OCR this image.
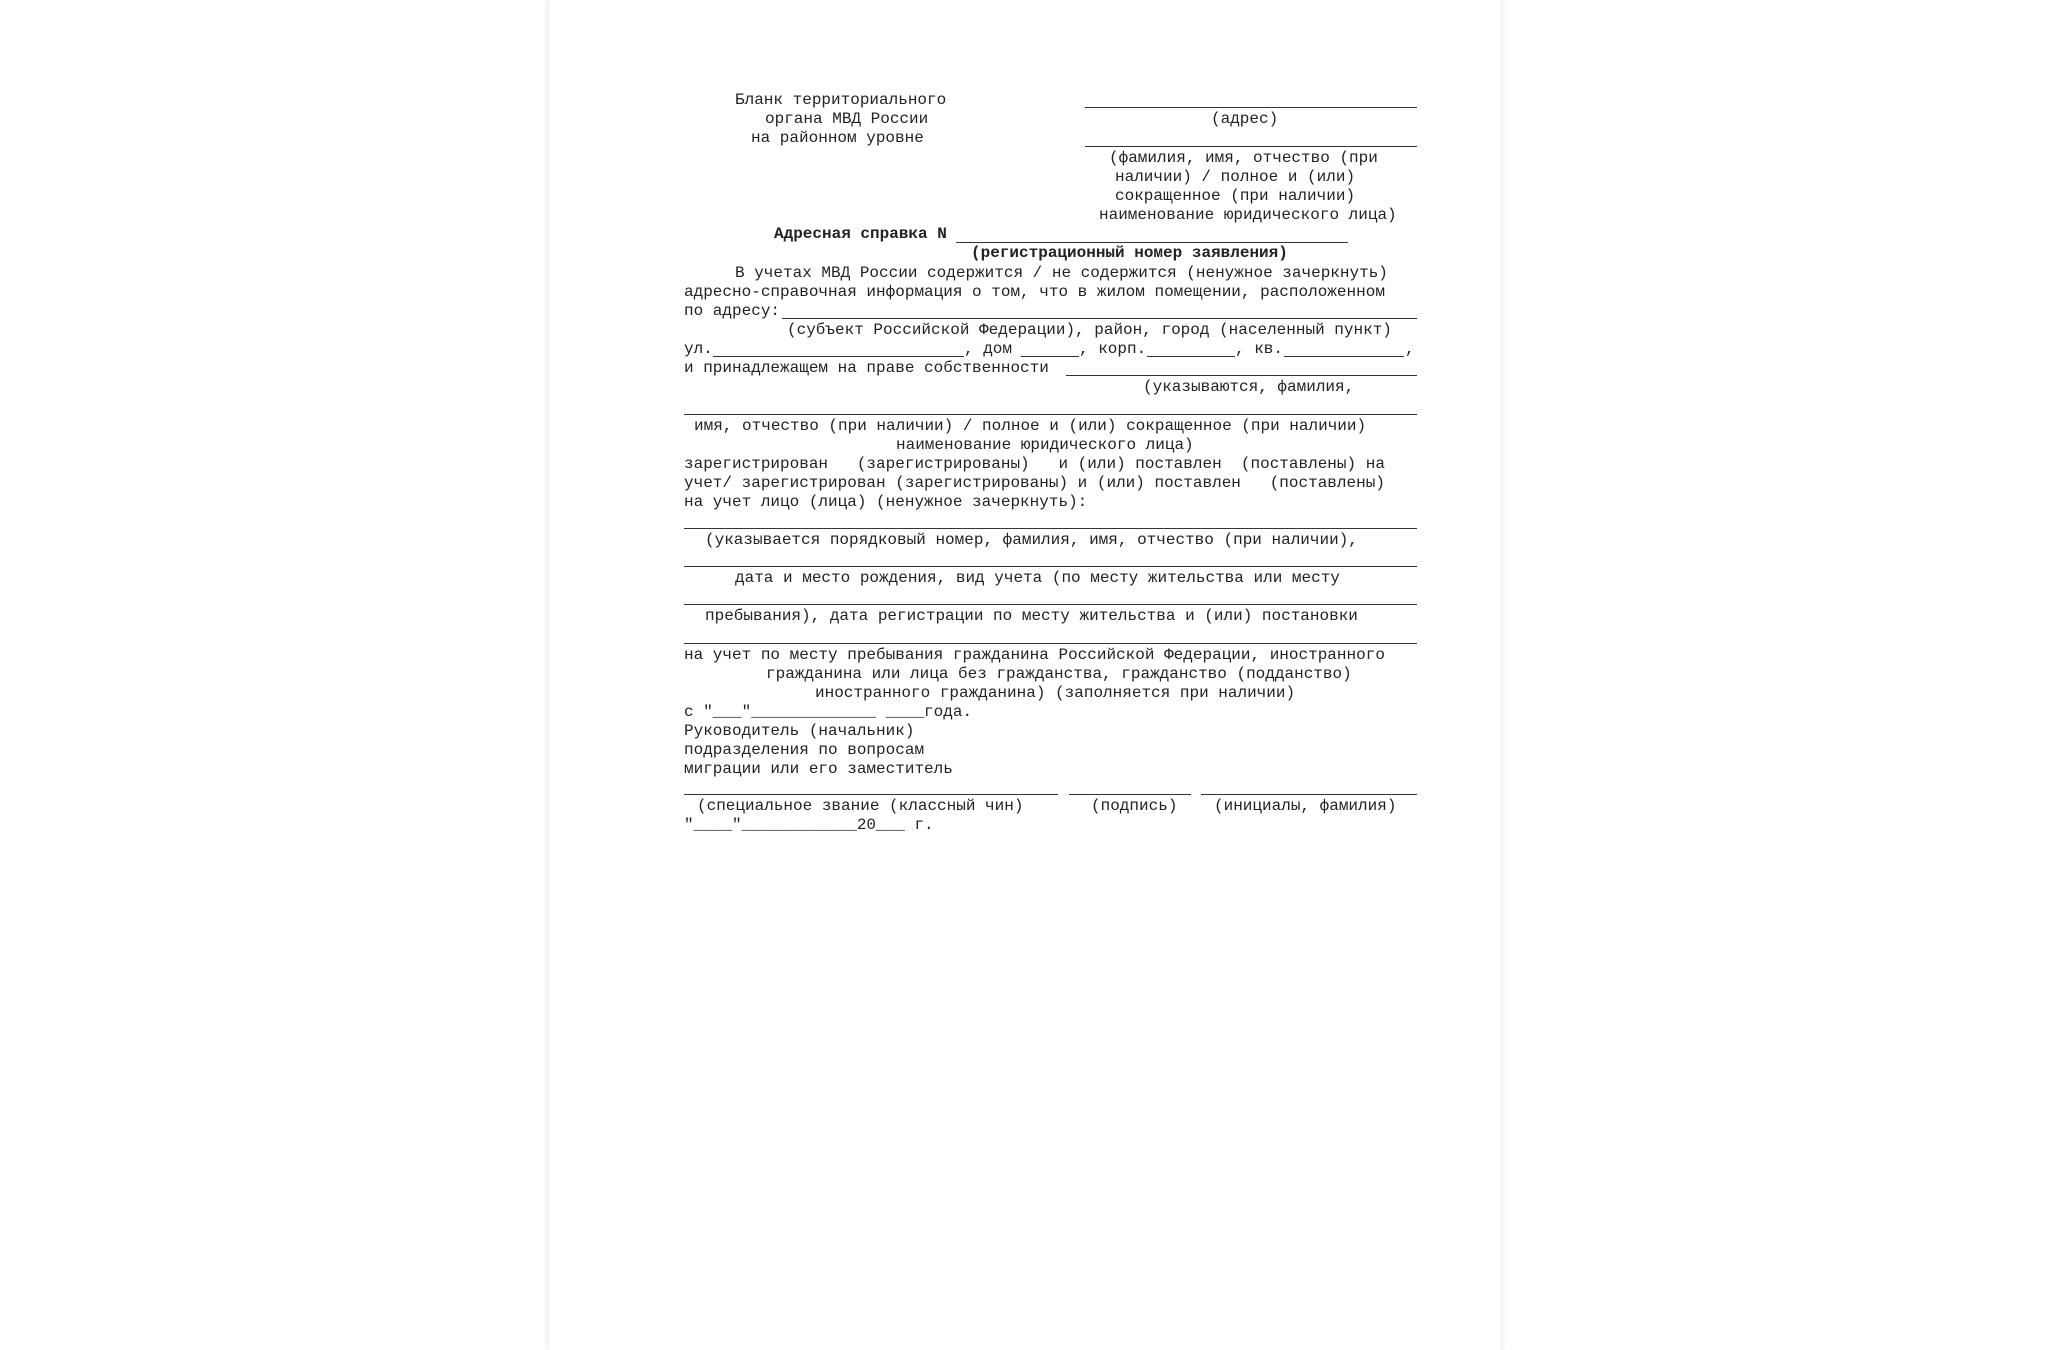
Бланк территориального
органа МВД России
на районном уровне
(адрес)
(фамилия, имя, отчество (при
наличии) / полное и (или)
сокращенное (при наличии)
наименование юридического лица)
Адресная справка N
(регистрационный номер заявления)
В учетах МВД России содержится / не содержится (ненужное зачеркнуть)
адресно-справочная информация о том, что в жилом помещении, расположенном
по адресу:
(субъект Российской Федерации), район, город (населенный пункт)
ул.	, дом	, корп.	, кв.	,
и принадлежащем на праве собственности
(указываются, фамилия,
имя, отчество (при наличии) / полное и (или) сокращенное (при наличии)
наименование юридического лица)
зарегистрирован   (зарегистрированы)   и (или) поставлен  (поставлены) на
учет/ зарегистрирован (зарегистрированы) и (или) поставлен   (поставлены)
на учет лицо (лица) (ненужное зачеркнуть):
(указывается порядковый номер, фамилия, имя, отчество (при наличии),
дата и место рождения, вид учета (по месту жительства или месту
пребывания), дата регистрации по месту жительства и (или) постановки
на учет по месту пребывания гражданина Российской Федерации, иностранного
гражданина или лица без гражданства, гражданство (подданство)
иностранного гражданина) (заполняется при наличии)
с "___"_____________ ____года.
Руководитель (начальник)
подразделения по вопросам
миграции или его заместитель
(специальное звание (классный чин)	(подпись) (инициалы, фамилия)
"____"____________20___ г.
